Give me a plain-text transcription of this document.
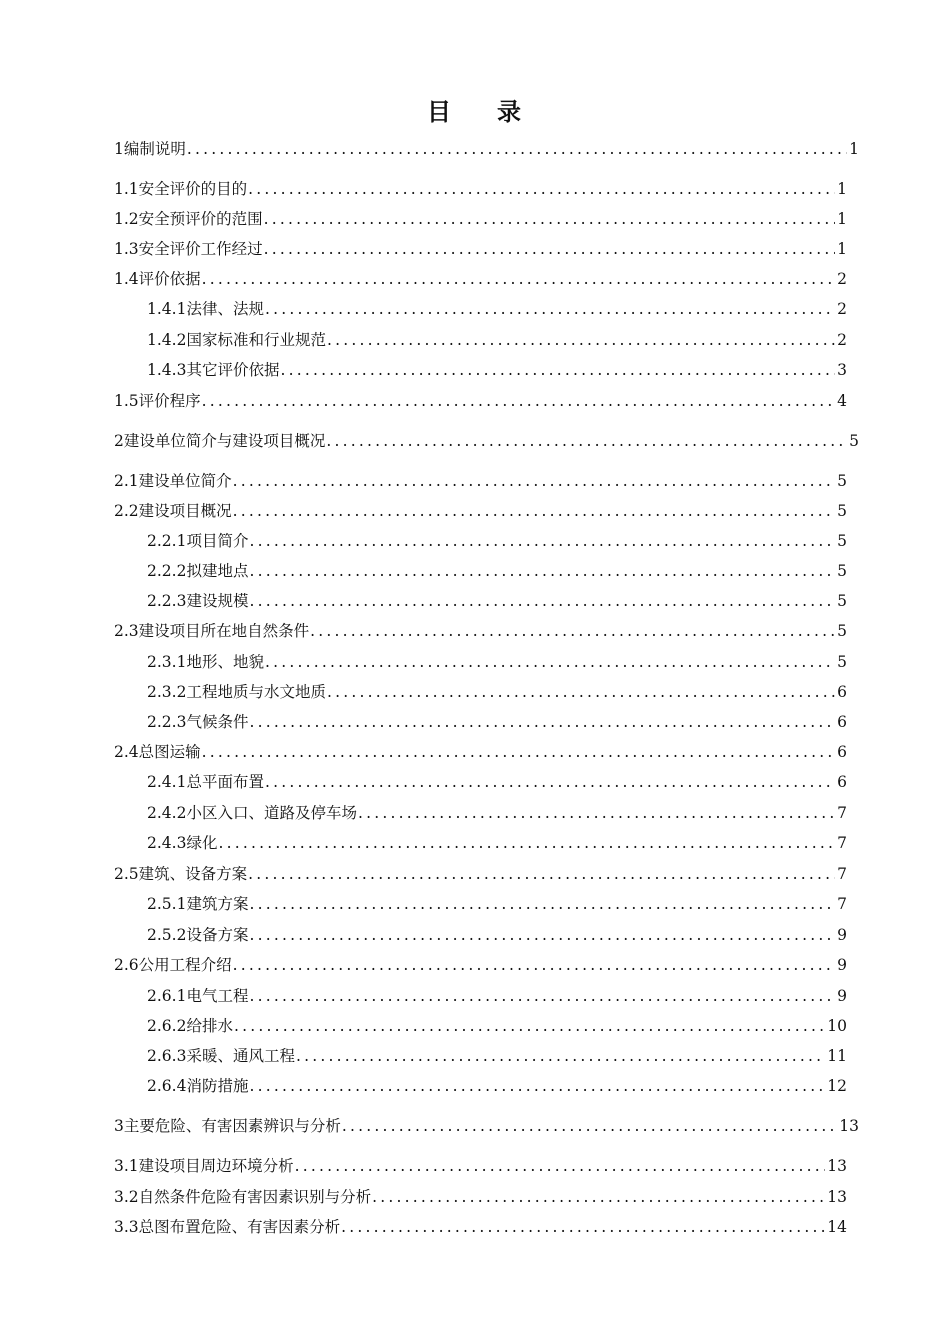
目 录
1编制说明 .....	1
1.1安全评价的目的 .....	1
1.2安全预评价的范围 .....	1
1.3安全评价工作经过 .....	1
1.4评价依据 .....	2
1.4.1法律、法规 .....	2
1.4.2国家标准和行业规范 .....	2
1.4.3其它评价依据 .....	3
1.5评价程序 .....	4
2建设单位简介与建设项目概况 .....	5
2.1建设单位简介 .....	5
2.2建设项目概况 .....	5
2.2.1项目简介 .....	5
2.2.2拟建地点 .....	5
2.2.3建设规模 .....	5
2.3建设项目所在地自然条件 .....	5
2.3.1地形、地貌 .....	5
2.3.2工程地质与水文地质 .....	6
2.2.3气候条件 .....	6
2.4总图运输 .....	6
2.4.1总平面布置 .....	6
2.4.2小区入口、道路及停车场 .....	7
2.4.3绿化 .....	7
2.5建筑、设备方案 .....	7
2.5.1建筑方案 .....	7
2.5.2设备方案 .....	9
2.6公用工程介绍 .....	9
2.6.1电气工程 .....	9
2.6.2给排水 .....	10
2.6.3采暖、通风工程 .....	11
2.6.4消防措施 .....	12
3主要危险、有害因素辨识与分析 .....	13
3.1建设项目周边环境分析 .....	13
3.2自然条件危险有害因素识别与分析 .....	13
3.3总图布置危险、有害因素分析 .....	14
